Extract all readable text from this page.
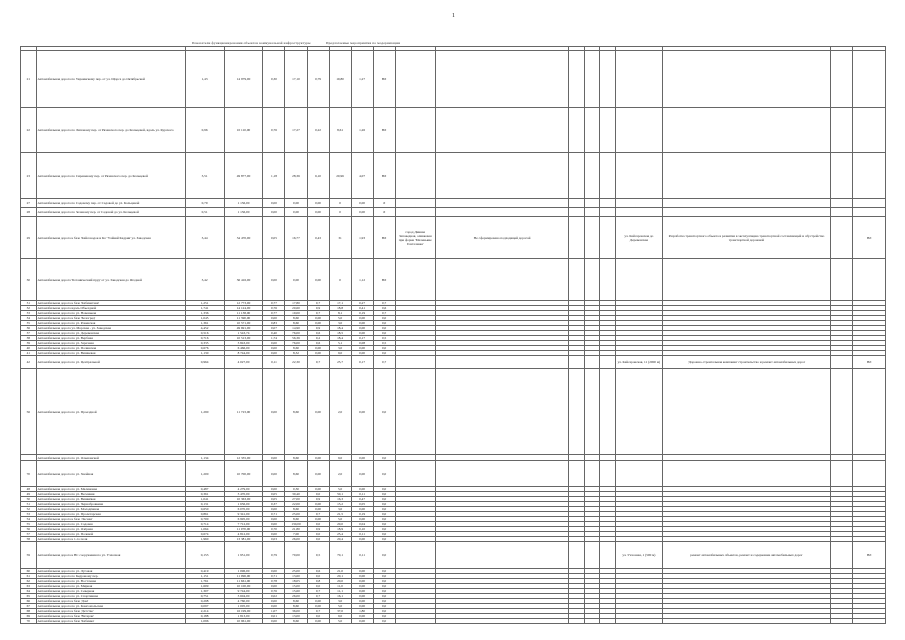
1
Показатели функционирования объектов коммунальной инфраструктуры	Предлагаемые мероприятия по модернизации

21	Автомобильная дорога по Украинскому пер. от ул. Щорса до Октябрьской	1,43	14 979,00	0,30	17,10	0,79	19,80	1,27	ВЛ									
22	Автомобильная дорога по Липовому пер. от Рязанского пер. до Кольцевой, вдоль ул. Курского	0,96	10 110,00	0,76	17,27	0,22	8,61	1,26	ВЛ									
23	Автомобильная дорога по Сиреневому пер. от Рязанского пер. до Кольцевой	3,51	49 877,00	1,18	28,36	6,10	20,96	4,07	ВЛ									
27	Автомобильная дорога по Садовому пер. от Садовой до ул. Кольцевой	0,79	1 136,00	0,00	0,00	0,00	0	0,00	Л									
28	Автомобильная дорога по Зеленому пер. от Садовой до ул. Кольцевой	0,51	1 136,00	0,00	0,00	0,00	0	0,00	Л									
29	Автомобильная дорога к базе 'Кайсоводок и Ко' 'Уайнай Кадрия' ул. Заводская	3,44	34 470,00	0,05	16,77	0,43	31	1,93	ВЛ	город Дивная Заповедная, оливковая при форме 'Маленькие Гонталевка'	Не сформировано подходящей дорогой				ул. Кайсаровская до Деревенская	Разработка транспортного объекта в развитии в эксплуатацию транспортной составляющей и обустройство транспортной дорожной		ВЛ
30	Автомобильная дорога 'Ботанический пруд' от ул. Заводская до Ягодной	3,42	36 416,00	0,00	0,00	0,00	0	1,12	ВЛ									
31	Автомобильная дорога к базе 'Кабинетная'	1,251	12 773,00	0,77	17,80	0,7	17,1	0,27	0,7									
32	Автомобильная дорога вдоль Объездной	1,741	14 124,00	0,76	20,60	0,9	18,8	0,41	0,6									
33	Автомобильная дорога по ул. Новенькая	1,336	11 138,00	0,77	19,00	0,7	8,1	0,19	0,7									
34	Автомобильная дорога к базе 'Белоград'	1,045	11 390,00	0,00	8,60	0,00	5,0	0,00	0,0									
35	Автомобильная дорога по ул. Ровенская	1,361	10 571,00	0,83	8,60	0,00	3,0	0,00	0,0									
36	Автомобильная дорога ул. Морская - ул. Заводская	4,452	49 691,00	0,07	14,90	0,9	18,4	0,00	0,0									
37	Автомобильная дорога по ул. Деревенская	0,516	1 543,74	0,40	76,00	0,6	18,5	0,00	0,0									
38	Автомобильная дорога по ул. Вербная	0,716	10 513,00	1,74	56,36	0,2	18,4	0,17	0,5									
39	Автомобильная дорога по ул. Заречная	0,335	3 843,00	0,00	76,00	0,6	5,1	0,08	0,5									
40	Автомобильная дорога по ул. Полянская	0,676	6 466,00	0,00	8,60	0,00	3,0	0,00	0,0									
41	Автомобильная дорога по ул. Вишневая	1,130	8 744,00	0,00	8,32	0,00	9,0	0,00	0,0									
42	Автомобильная дорога по ул. Центральной	0,964	4 027,00	0,11	22,30	0,7	25,7	0,17	0,7						ул. Кайсаровская, 11 (2000 м)	'Дорожно-строительная компания' строительство и ремонт автомобильных дорог		ВЛ
56	Автомобильная дорога по ул. Проездной	1,290	11 723,00	0,00	8,60	0,00	2,0	0,00	0,0									
	Автомобильная дорога по ул. Ольшанской	1,134	12 335,00	0,00	8,60	0,00	9,0	0,00	0,0									
70	Автомобильная дорога по ул. Хвойная	1,200	10 700,00	0,00	8,60	0,00	2,0	0,00	0,0									
48	Автомобильная дорога по ул. Малиновая	0,487	4 279,00	0,00	0,30	0,00	5,0	0,00	0,0									
49	Автомобильная дорога по ул. Весенняя	0,361	3 470,00	0,05	30,40	0,0	50,1	0,11	0,0									
50	Автомобильная дорога по ул. Вишнёвая	1,041	10 363,00	0,05	27,00	0,9	16,3	0,47	0,0									
51	Автомобильная дорога по ул. Чернобровкина	0,131	1 636,00	0,37	22,00	0,00	13,2	0,05	0,0									
52	Автомобильная дорога по ул. Молодёжная	0,650	6 070,00	0,00	8,60	0,00	3,0	0,00	0,0									
53	Автомобильная дорога по ул. Пролетарская	0,861	9 341,00	0,71	25,00	0,7	21,5	0,19	0,0									
54	Автомобильная дорога к базе 'Лесная'	0,700	6 995,00	0,00	8,60	0,00	5,0	0,00	0,0									
55	Автомобильная дорога по ул. Садовая	0,714	7 712,00	0,00	130,00	0,0	20,0	0,04	0,0									
56	Автомобильная дорога по ул. Озёрная	1,064	11 070,00	0,70	21,80	0,9	18,9	0,10	0,0									
57	Автомобильная дорога по ул. Полевой	0,674	4 812,00	0,00	7,00	0,0	25,4	0,11	0,0									
58	Автомобильная дорога к 1-го поля	1,960	13 381,00	0,03	26,00	0,0	20,4	0,00	0,0									
59	Автомобильная дорога к ВС сооружения по ул. Учхозная	0,153	1 951,00	0,79	70,00	0,5	70,1	0,11	0,0						ул. Учхозная, 1 (500 м)	ремонт автомобильных объектов, ремонт и содержание автомобильных дорог		ВЛ
60	Автомобильная дорога по ул. Луговая	0,419	1 096,00	0,00	25,00	0,6	21,0	0,00	0,0									
61	Автомобильная дорога по Кедровому пер.	1,151	11 096,00	0,71	13,60	0,0	20,1	0,00	0,0									
62	Автомобильная дорога по ул. Восточная	1,761	11 661,00	0,78	18,05	0,8	20,0	0,00	0,0									
63	Автомобильная дорога по ул. Мирная	1,609	10 100,00	0,00	15,00	0,0	11,0	0,00	0,0									
64	Автомобильная дорога по ул. Северная	1,307	9 744,00	0,76	15,60	0,7	11,1	0,00	0,0									
65	Автомобильная дорога по ул. Спортивная	0,751	3 604,00	0,02	26,00	0,7	16,1	0,00	0,0									
66	Автомобильная дорога к базе 'Дом'	0,298	4 760,00	0,00	8,60	0,00	3,0	0,00	0,0									
67	Автомобильная дорога по ул. Комсомольская	0,097	1 005,00	0,00	8,60	0,00	5,0	0,00	0,0									
68	Автомобильная дорога к базе 'Детство'	2,214	16 199,00	1,07	36,00	0,7	37,0	1,80	0,0									
69	Автомобильная дорога к базе 'Ветеран'	0,188	1 813,00	0,01	13,00	0,0	9,0	0,00	0,0									
70	Автомобильная дорога к базе 'Кабинка'	1,096	10 961,00	0,00	8,60	0,00	5,0	0,00	0,0									
